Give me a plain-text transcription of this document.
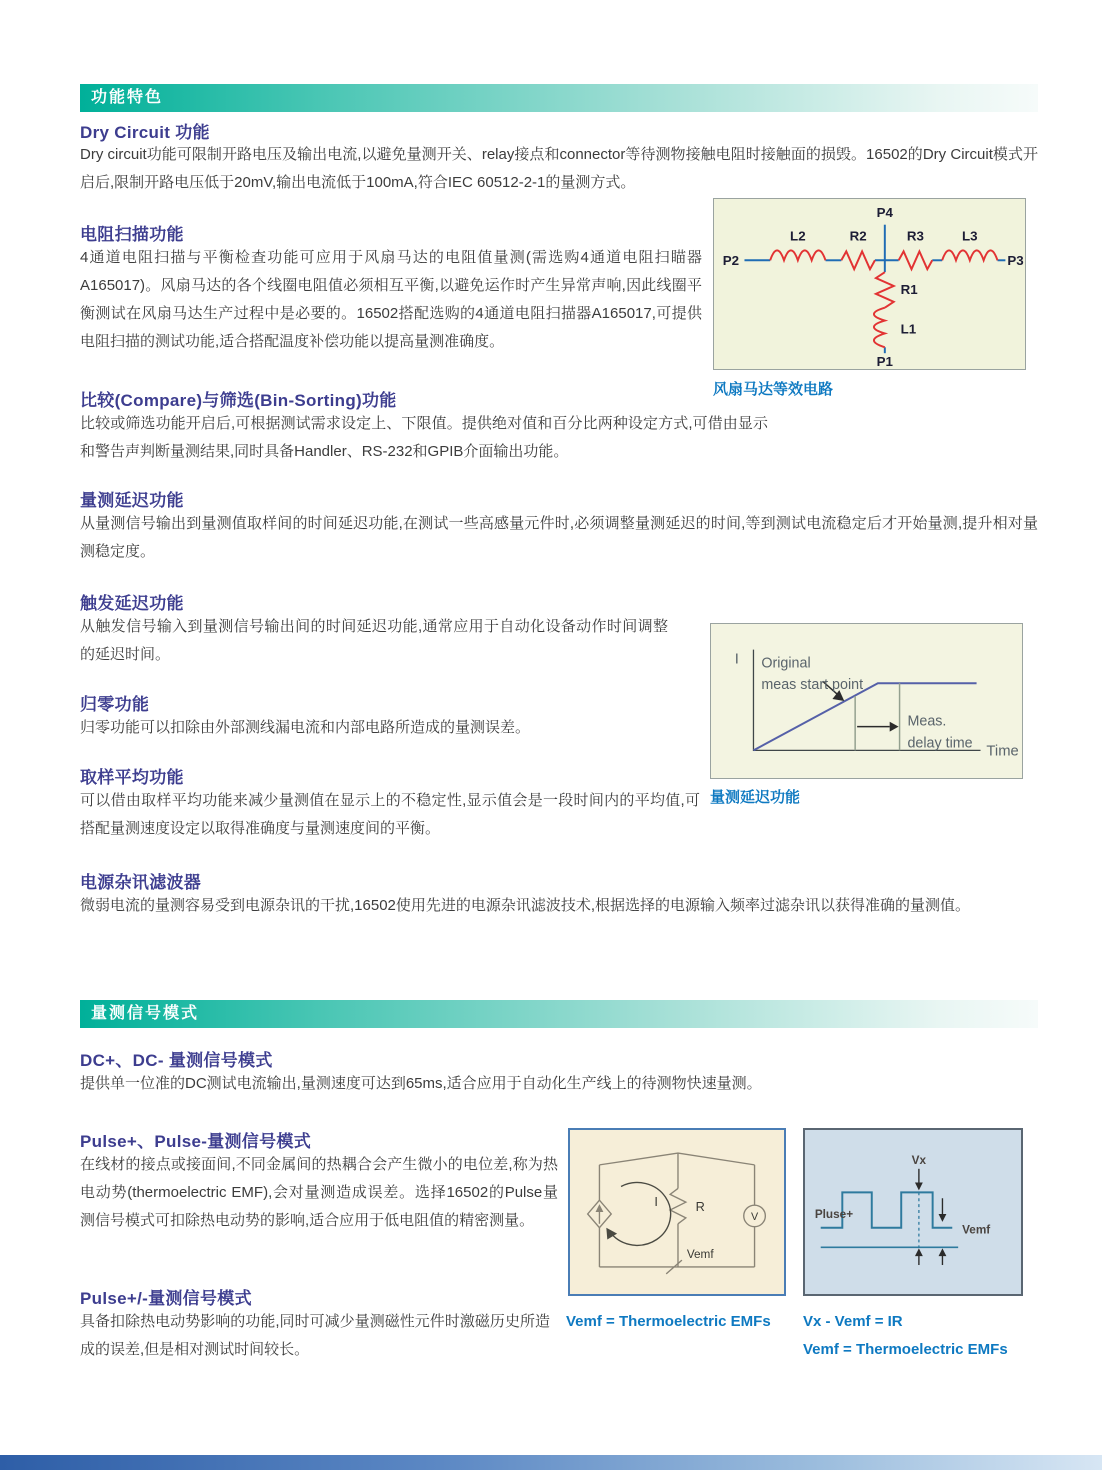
功能特色
Dry Circuit 功能
Dry circuit功能可限制开路电压及输出电流,以避免量测开关、relay接点和connector等待测物接触电阻时接触面的损毁。16502的Dry Circuit模式开启后,限制开路电压低于20mV,输出电流低于100mA,符合IEC 60512-2-1的量测方式。
电阻扫描功能
4通道电阻扫描与平衡检查功能可应用于风扇马达的电阻值量测(需选购4通道电阻扫瞄器A165017)。风扇马达的各个线圈电阻值必须相互平衡,以避免运作时产生异常声响,因此线圈平衡测试在风扇马达生产过程中是必要的。16502搭配选购的4通道电阻扫描器A165017,可提供电阻扫描的测试功能,适合搭配温度补偿功能以提高量测准确度。
P2	P3
P4
P1
L2	R2	R3	L3
R1
L1
风扇马达等效电路
比较(Compare)与筛选(Bin-Sorting)功能
比较或筛选功能开启后,可根据测试需求设定上、下限值。提供绝对值和百分比两种设定方式,可借由显示和警告声判断量测结果,同时具备Handler、RS-232和GPIB介面输出功能。
量测延迟功能
从量测信号输出到量测值取样间的时间延迟功能,在测试一些高感量元件时,必须调整量测延迟的时间,等到测试电流稳定后才开始量测,提升相对量测稳定度。
触发延迟功能
从触发信号输入到量测信号输出间的时间延迟功能,通常应用于自动化设备动作时间调整的延迟时间。	I
Time
Original
meas start point
Meas.
delay time
量测延迟功能
归零功能
归零功能可以扣除由外部测线漏电流和内部电路所造成的量测误差。
取样平均功能
可以借由取样平均功能来减少量测值在显示上的不稳定性,显示值会是一段时间内的平均值,可搭配量测速度设定以取得准确度与量测速度间的平衡。
电源杂讯滤波器
微弱电流的量测容易受到电源杂讯的干扰,16502使用先进的电源杂讯滤波技术,根据选择的电源输入频率过滤杂讯以获得准确的量测值。
量测信号模式
DC+、DC- 量测信号模式
提供单一位准的DC测试电流输出,量测速度可达到65ms,适合应用于自动化生产线上的待测物快速量测。
Pulse+、Pulse-量测信号模式
在线材的接点或接面间,不同金属间的热耦合会产生微小的电位差,称为热电动势(thermoelectric EMF),会对量测造成误差。选择16502的Pulse量测信号模式可扣除热电动势的影响,适合应用于低电阻值的精密测量。
I	R
V
Vemf
Vemf = Thermoelectric EMFs
Vx
Pluse+
Vemf
Vx - Vemf = IR
Vemf = Thermoelectric EMFs
Pulse+/-量测信号模式
具备扣除热电动势影响的功能,同时可减少量测磁性元件时激磁历史所造成的误差,但是相对测试时间较长。
